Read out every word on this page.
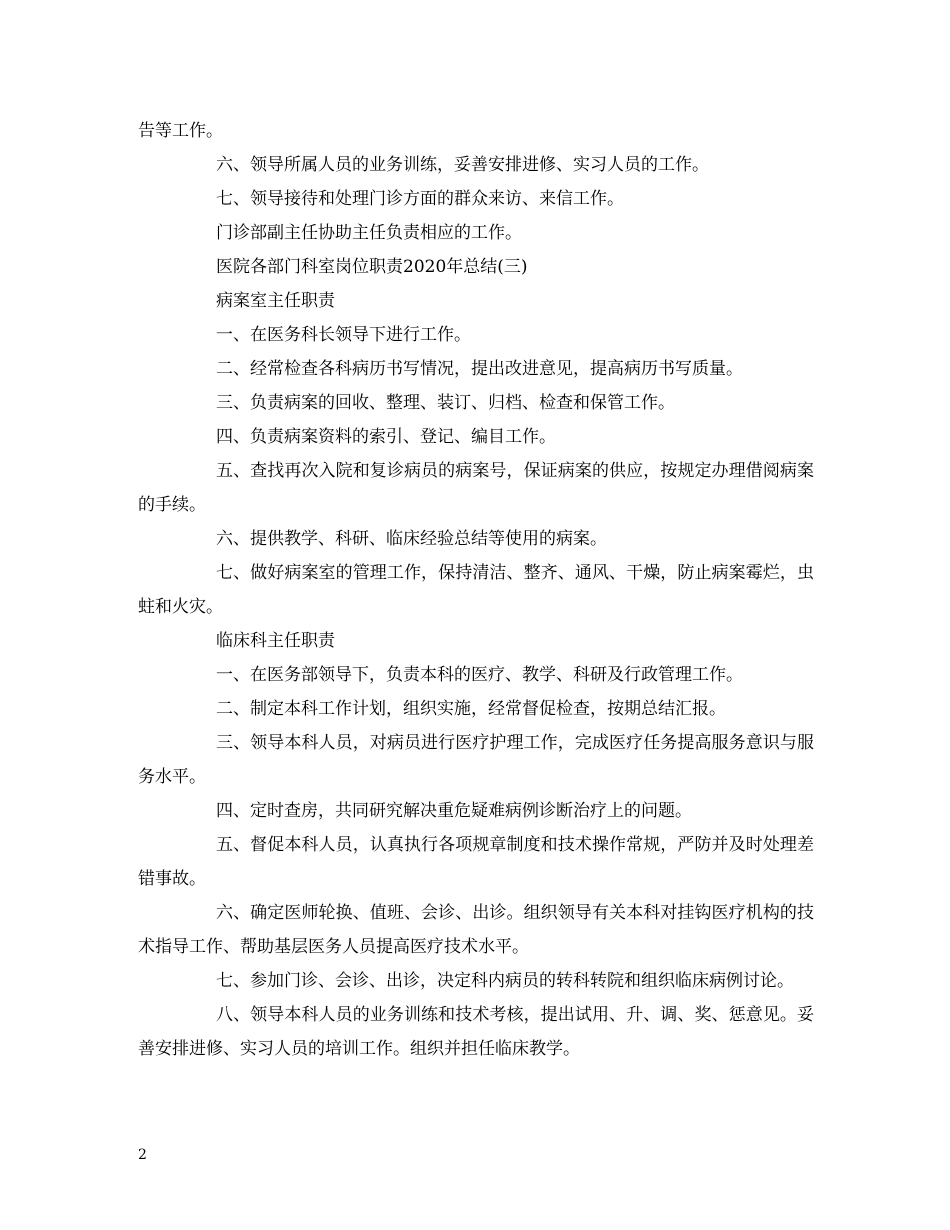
告等工作。

六、领导所属人员的业务训练，妥善安排进修、实习人员的工作。

七、领导接待和处理门诊方面的群众来访、来信工作。

门诊部副主任协助主任负责相应的工作。

医院各部门科室岗位职责2020年总结(三)

病案室主任职责

一、在医务科长领导下进行工作。

二、经常检查各科病历书写情况，提出改进意见，提高病历书写质量。

三、负责病案的回收、整理、装订、归档、检查和保管工作。

四、负责病案资料的索引、登记、编目工作。

五、查找再次入院和复诊病员的病案号，保证病案的供应，按规定办理借阅病案的手续。

六、提供教学、科研、临床经验总结等使用的病案。

七、做好病案室的管理工作，保持清洁、整齐、通风、干燥，防止病案霉烂，虫蛀和火灾。

临床科主任职责

一、在医务部领导下，负责本科的医疗、教学、科研及行政管理工作。

二、制定本科工作计划，组织实施，经常督促检查，按期总结汇报。

三、领导本科人员，对病员进行医疗护理工作，完成医疗任务提高服务意识与服务水平。

四、定时查房，共同研究解决重危疑难病例诊断治疗上的问题。

五、督促本科人员，认真执行各项规章制度和技术操作常规，严防并及时处理差错事故。

六、确定医师轮换、值班、会诊、出诊。组织领导有关本科对挂钩医疗机构的技术指导工作、帮助基层医务人员提高医疗技术水平。

七、参加门诊、会诊、出诊，决定科内病员的转科转院和组织临床病例讨论。

八、领导本科人员的业务训练和技术考核，提出试用、升、调、奖、惩意见。妥善安排进修、实习人员的培训工作。组织并担任临床教学。

2
